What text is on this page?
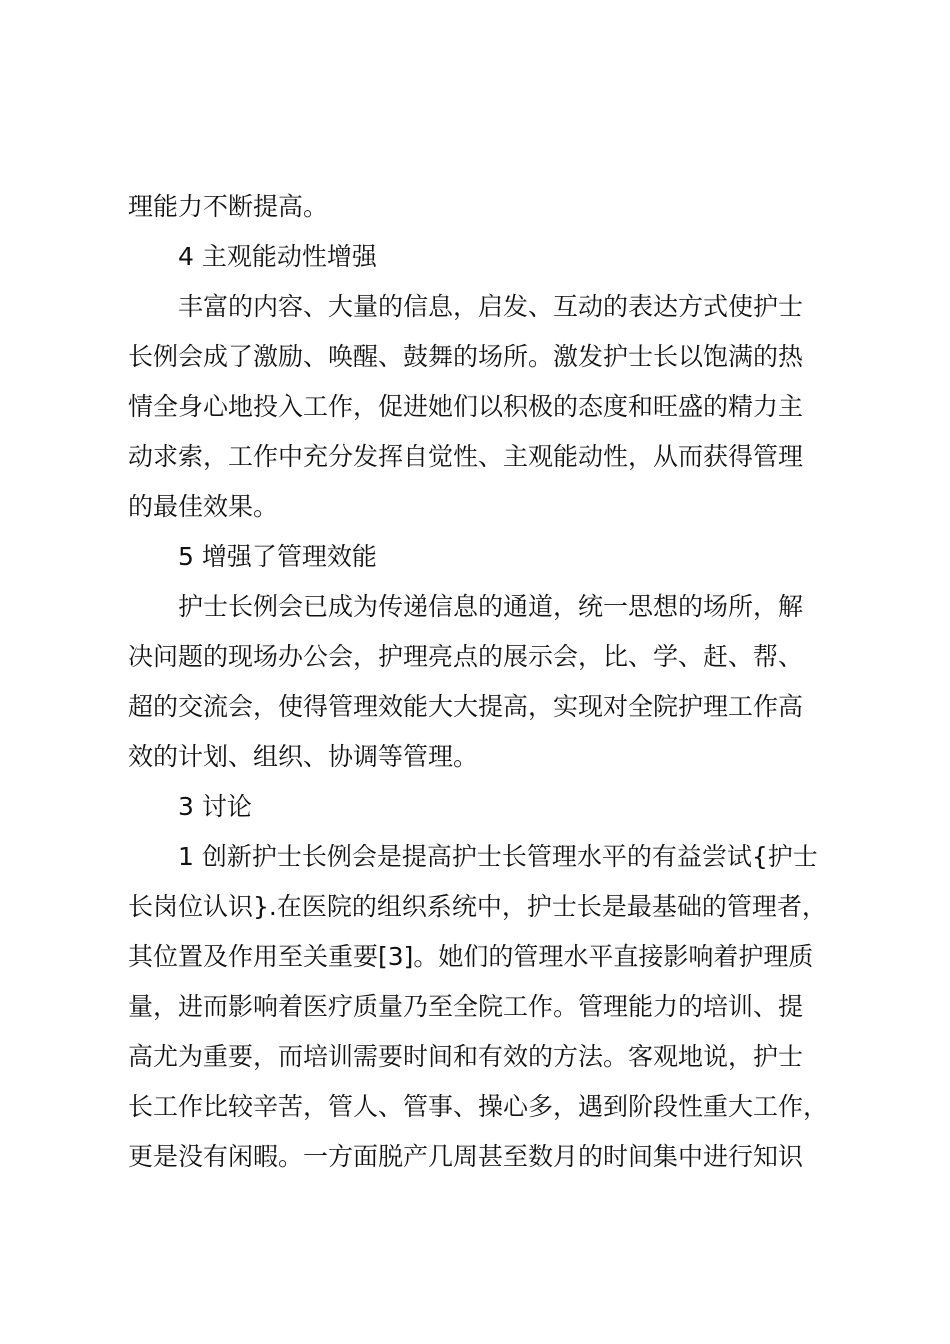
理能力不断提高。

4 主观能动性增强

丰富的内容、大量的信息，启发、互动的表达方式使护士

长例会成了激励、唤醒、鼓舞的场所。激发护士长以饱满的热

情全身心地投入工作，促进她们以积极的态度和旺盛的精力主

动求索，工作中充分发挥自觉性、主观能动性，从而获得管理

的最佳效果。

5 增强了管理效能

护士长例会已成为传递信息的通道，统一思想的场所，解

决问题的现场办公会，护理亮点的展示会，比、学、赶、帮、

超的交流会，使得管理效能大大提高，实现对全院护理工作高

效的计划、组织、协调等管理。

3 讨论

1 创新护士长例会是提高护士长管理水平的有益尝试{护士

长岗位认识}.在医院的组织系统中，护士长是最基础的管理者，

其位置及作用至关重要[3]。她们的管理水平直接影响着护理质

量，进而影响着医疗质量乃至全院工作。管理能力的培训、提

高尤为重要，而培训需要时间和有效的方法。客观地说，护士

长工作比较辛苦，管人、管事、操心多，遇到阶段性重大工作，

更是没有闲暇。一方面脱产几周甚至数月的时间集中进行知识
